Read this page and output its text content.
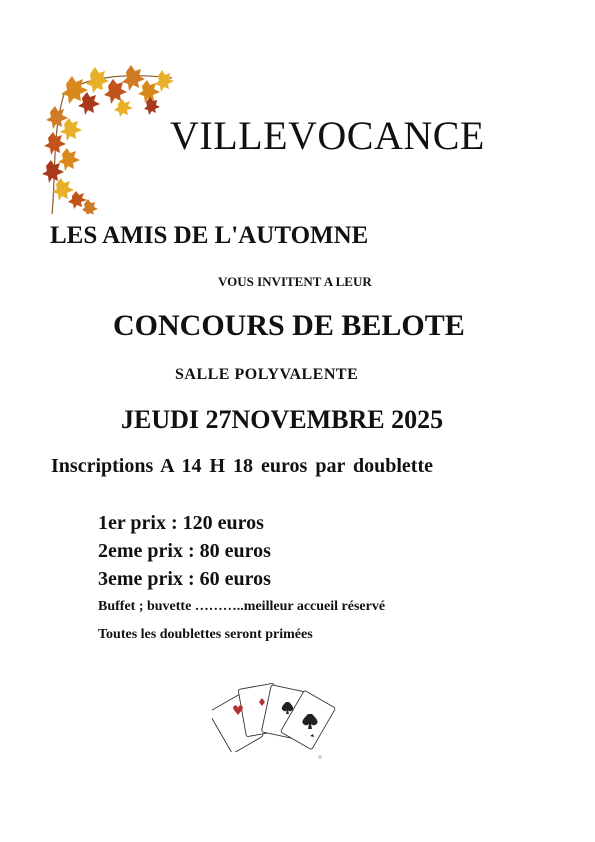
VILLEVOCANCE
LES AMIS DE L'AUTOMNE
VOUS INVITENT A LEUR
CONCOURS DE BELOTE
SALLE POLYVALENTE
JEUDI 27NOVEMBRE 2025
Inscriptions A 14 H 18 euros par doublette
1er prix : 120 euros
2eme prix : 80 euros
3eme prix : 60 euros
Buffet ; buvette ………..meilleur accueil réservé
Toutes les doublettes seront primées
